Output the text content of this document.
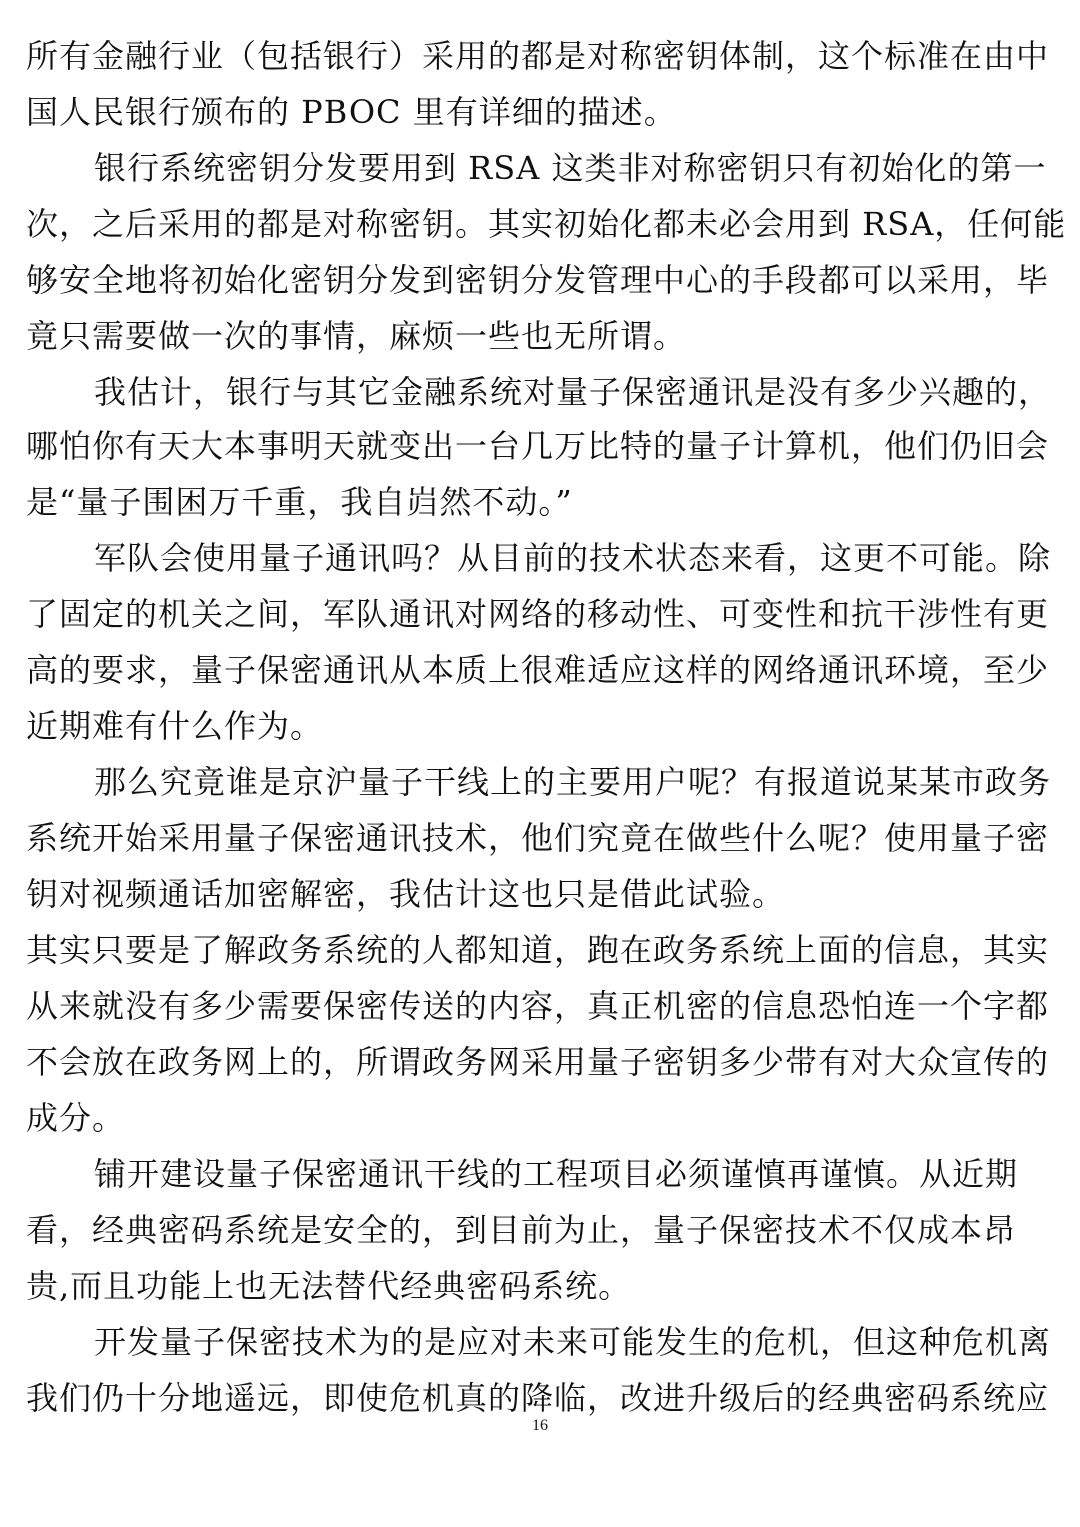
所有金融行业（包括银行）采用的都是对称密钥体制，这个标准在由中
国人民银行颁布的 PBOC 里有详细的描述。
银行系统密钥分发要用到 RSA 这类非对称密钥只有初始化的第一
次，之后采用的都是对称密钥。其实初始化都未必会用到 RSA，任何能
够安全地将初始化密钥分发到密钥分发管理中心的手段都可以采用，毕
竟只需要做一次的事情，麻烦一些也无所谓。
我估计，银行与其它金融系统对量子保密通讯是没有多少兴趣的，
哪怕你有天大本事明天就变出一台几万比特的量子计算机，他们仍旧会
是“量子围困万千重，我自岿然不动。”
军队会使用量子通讯吗？从目前的技术状态来看，这更不可能。除
了固定的机关之间，军队通讯对网络的移动性、可变性和抗干涉性有更
高的要求，量子保密通讯从本质上很难适应这样的网络通讯环境，至少
近期难有什么作为。
那么究竟谁是京沪量子干线上的主要用户呢？有报道说某某市政务
系统开始采用量子保密通讯技术，他们究竟在做些什么呢？使用量子密
钥对视频通话加密解密，我估计这也只是借此试验。
其实只要是了解政务系统的人都知道，跑在政务系统上面的信息，其实
从来就没有多少需要保密传送的内容，真正机密的信息恐怕连一个字都
不会放在政务网上的，所谓政务网采用量子密钥多少带有对大众宣传的
成分。
铺开建设量子保密通讯干线的工程项目必须谨慎再谨慎。从近期
看，经典密码系统是安全的，到目前为止，量子保密技术不仅成本昂
贵,而且功能上也无法替代经典密码系统。
开发量子保密技术为的是应对未来可能发生的危机，但这种危机离
我们仍十分地遥远，即使危机真的降临，改进升级后的经典密码系统应
16
